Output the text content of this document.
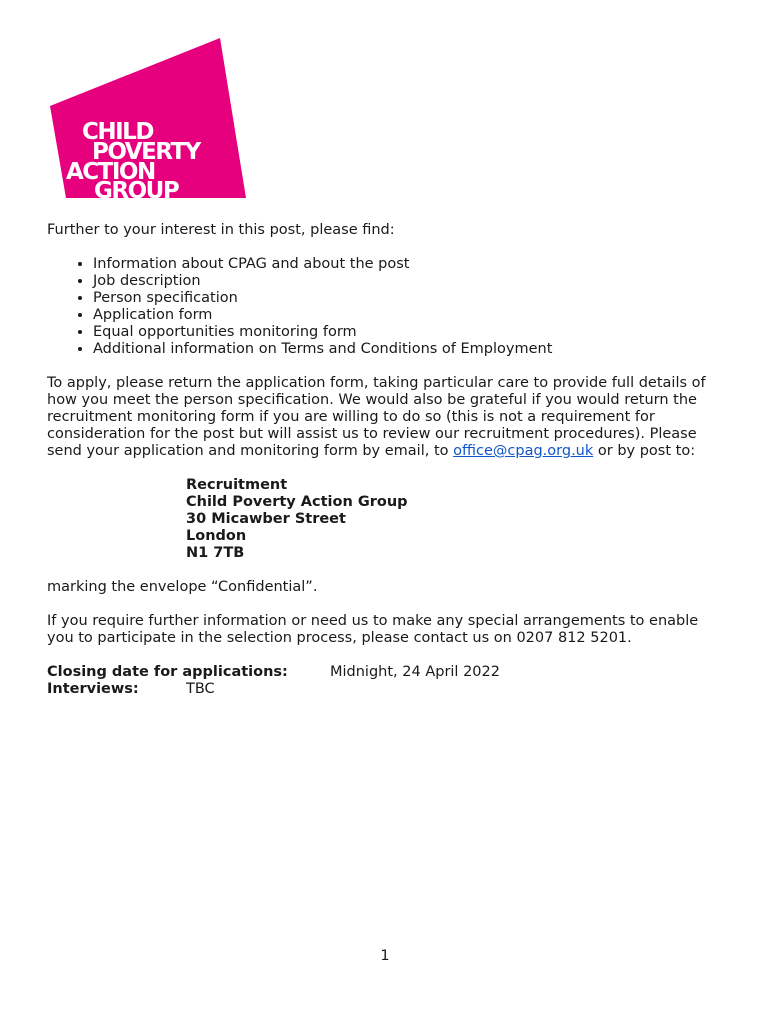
CHILD
POVERTY
ACTION
GROUP

Further to your interest in this post, please find:

• Information about CPAG and about the post
• Job description
• Person specification
• Application form
• Equal opportunities monitoring form
• Additional information on Terms and Conditions of Employment

To apply, please return the application form, taking particular care to provide full details of how you meet the person specification. We would also be grateful if you would return the recruitment monitoring form if you are willing to do so (this is not a requirement for consideration for the post but will assist us to review our recruitment procedures). Please send your application and monitoring form by email, to office@cpag.org.uk or by post to:

Recruitment
Child Poverty Action Group
30 Micawber Street
London
N1 7TB

marking the envelope “Confidential”.

If you require further information or need us to make any special arrangements to enable you to participate in the selection process, please contact us on 0207 812 5201.

Closing date for applications:	Midnight, 24 April 2022
Interviews:	TBC
1
